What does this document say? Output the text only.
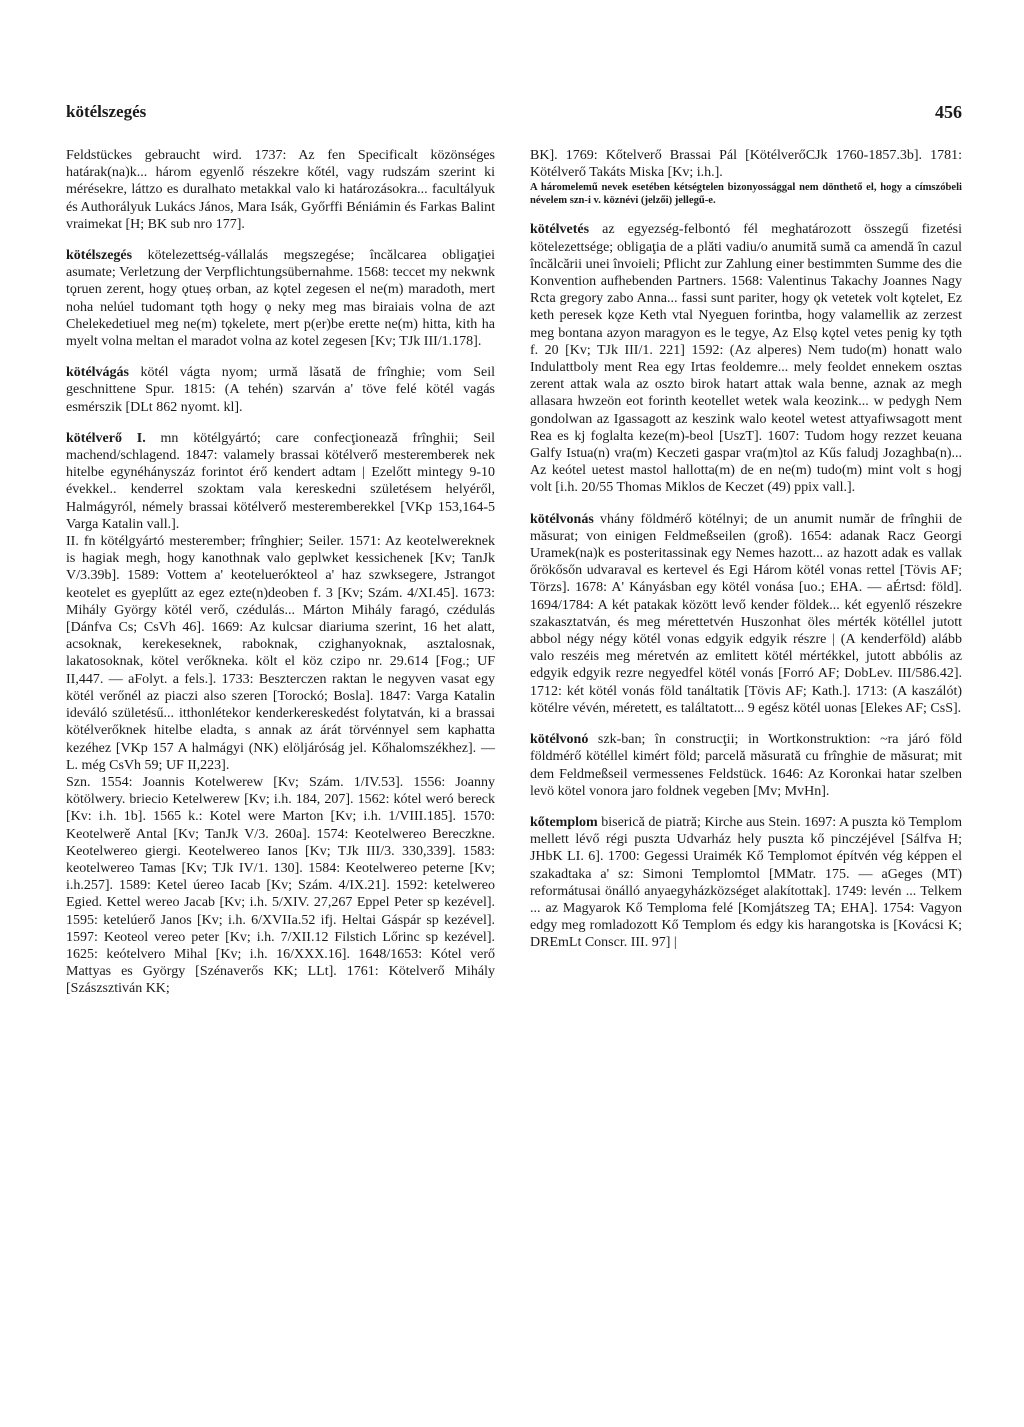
kötélszegés	456

Feldstückes gebraucht wird. 1737: Az fen Specificalt közönséges határak(na)k... három egyenlő részekre kőtél, vagy rudszám szerint ki mérésekre, láttzo es duralhato metakkal valo ki határozásokra... facultályuk és Authorályuk Lukács János, Mara Isák, Győrffi Béniámin és Farkas Balint vraimekat [H; BK sub nro 177].

kötélszegés kötelezettség-vállalás megszegése; încălcarea obligaţiei asumate; Verletzung der Verpflichtungsübernahme. 1568: teccet my nekwnk tǫruen zerent, hogy ǫtueș orban, az kǫtel zegesen el ne(m) maradoth, mert noha nelúel tudomant tǫth hogy ǫ neky meg mas biraiais volna de azt Chelekedetiuel meg ne(m) tǫkelete, mert p(er)be erette ne(m) hitta, kith ha myelt volna meltan el maradot volna az kotel zegesen [Kv; TJk III/1.178].

kötélvágás kötél vágta nyom; urmă lăsată de frînghie; vom Seil geschnittene Spur. 1815: (A tehén) szarván a' töve felé kötél vagás esmérszik [DLt 862 nyomt. kl].

kötélverő I. mn kötélgyártó; care confecţionează frînghii; Seil machend/schlagend. 1847: valamely brassai kötélverő mesteremberek nek hitelbe egynéhányszáz forintot érő kendert adtam | Ezelőtt mintegy 9-10 évekkel.. kenderrel szoktam vala kereskedni születésem helyéről, Halmágyról, némely brassai kötélverő mesteremberekkel [VKp 153,164-5 Varga Katalin vall.].

II. fn kötélgyártó mesterember; frînghier; Seiler. 1571: Az keotelwereknek is hagiak megh, hogy kanothnak valo geplwket kessichenek [Kv; TanJk V/3.39b]. 1589: Vottem a' keoteluerókteol a' haz szwksegere, Jstrangot keotelet es gyeplűtt az egez ezte(n)deoben f. 3 [Kv; Szám. 4/XI.45]. 1673: Mihály György kötél verő, czédulás... Márton Mihály faragó, czédulás [Dánfva Cs; CsVh 46]. 1669: Az kulcsar diariuma szerint, 16 het alatt, acsoknak, kerekeseknek, raboknak, czighanyoknak, asztalosnak, lakatosoknak, kötel verőkneka. költ el köz czipo nr. 29.614 [Fog.; UF II,447. — aFolyt. a fels.]. 1733: Beszterczen raktan le negyven vasat egy kötél verőnél az piaczi also szeren [Torockó; Bosla]. 1847: Varga Katalin ideváló születésű... itthonlétekor kenderkereskedést folytatván, ki a brassai kötélverőknek hitelbe eladta, s annak az árát törvénnyel sem kaphatta kezéhez [VKp 157 A halmágyi (NK) elöljáróság jel. Kőhalomszékhez]. — L. még CsVh 59; UF II,223].

Szn. 1554: Joannis Kotelwerew [Kv; Szám. 1/IV.53]. 1556: Joanny kötölwery. briecio Ketelwerew [Kv; i.h. 184, 207]. 1562: kótel weró bereck [Kv: i.h. 1b]. 1565 k.: Kotel were Marton [Kv; i.h. 1/VIII.185]. 1570: Keotelwerě Antal [Kv; TanJk V/3. 260a]. 1574: Keotelwereo Bereczkne. Keotelwereo giergi. Keotelwereo Ianos [Kv; TJk III/3. 330,339]. 1583: keotelwereo Tamas [Kv; TJk IV/1. 130]. 1584: Keotelwereo peterne [Kv; i.h.257]. 1589: Ketel úereo Iacab [Kv; Szám. 4/IX.21]. 1592: ketelwereo Egied. Kettel wereo Jacab [Kv; i.h. 5/XIV. 27,267 Eppel Peter sp kezével]. 1595: ketelúerő Janos [Kv; i.h. 6/XVIIa.52 ifj. Heltai Gáspár sp kezével]. 1597: Keoteol vereo peter [Kv; i.h. 7/XII.12 Filstich Lőrinc sp kezével]. 1625: keótelvero Mihal [Kv; i.h. 16/XXX.16]. 1648/1653: Kótel verő Mattyas es György [Szénaverős KK; LLt]. 1761: Kötelverő Mihály [Szászsztiván KK;

BK]. 1769: Kőtelverő Brassai Pál [KötélverőCJk 1760-1857.3b]. 1781: Kötélverő Takáts Miska [Kv; i.h.].

A háromelemű nevek esetében kétségtelen bizonyossággal nem dönthető el, hogy a címszóbeli névelem szn-i v. köznévi (jelzői) jellegű-e.

kötélvetés az egyezség-felbontó fél meghatározott összegű fizetési kötelezettsége; obligaţia de a plăti vadiu/o anumită sumă ca amendă în cazul încălcării unei învoieli; Pflicht zur Zahlung einer bestimmten Summe des die Konvention aufhebenden Partners. 1568: Valentinus Takachy Joannes Nagy Rcta gregory zabo Anna... fassi sunt pariter, hogy ǫk vetetek volt kǫtelet, Ez keth peresek kǫze Keth vtal Nyeguen forintba, hogy valamellik az zerzest meg bontana azyon maragyon es le tegye, Az Elsǫ kǫtel vetes penig ky tǫth f. 20 [Kv; TJk III/1. 221] 1592: (Az alperes) Nem tudo(m) honatt walo Indulattboly ment Rea egy Irtas feoldemre... mely feoldet ennekem osztas zerent attak wala az oszto birok hatart attak wala benne, aznak az megh allasara hwzeön eot forinth keotellet wetek wala keozink... w pedygh Nem gondolwan az Igassagott az keszink walo keotel wetest attyafiwsagott ment Rea es kj foglalta keze(m)-beol [UszT]. 1607: Tudom hogy rezzet keuana Galfy Istua(n) vra(m) Keczeti gaspar vra(m)tol az Kűs faludj Jozaghba(n)... Az keótel uetest mastol hallotta(m) de en ne(m) tudo(m) mint volt s hogj volt [i.h. 20/55 Thomas Miklos de Keczet (49) ppix vall.].

kötélvonás vhány földmérő kötélnyi; de un anumit număr de frînghii de măsurat; von einigen Feldmeßseilen (groß). 1654: adanak Racz Georgi Uramek(na)k es posteritassinak egy Nemes hazott... az hazott adak es vallak őrökősőn udvaraval es kertevel és Egi Három kötél vonas rettel [Tövis AF; Törzs]. 1678: A' Kányásban egy kötél vonása [uo.; EHA. — aÉrtsd: föld]. 1694/1784: A két patakak között levő kender földek... két egyenlő részekre szakasztatván, és meg mérettetvén Huszonhat öles mérték kötéllel jutott abbol négy négy kötél vonas edgyik edgyik részre | (A kenderföld) alább valo reszéis meg méretvén az emlitett kötél mértékkel, jutott abbólis az edgyik edgyik rezre negyedfel kötél vonás [Forró AF; DobLev. III/586.42]. 1712: két kötél vonás föld tanáltatik [Tövis AF; Kath.]. 1713: (A kaszálót) kötélre vévén, méretett, es találtatott... 9 egész kötél uonas [Elekes AF; CsS].

kötélvonó szk-ban; în construcţii; in Wortkonstruktion: ~ra járó föld földmérő kötéllel kimért föld; parcelă măsurată cu frînghie de măsurat; mit dem Feldmeßseil vermessenes Feldstück. 1646: Az Koronkai hatar szelben levö kötel vonora jaro foldnek vegeben [Mv; MvHn].

kőtemplom biserică de piatră; Kirche aus Stein. 1697: A puszta kö Templom mellett lévő régi puszta Udvarház hely puszta kő pinczéjével [Sálfva H; JHbK LI. 6]. 1700: Gegessi Uraimék Kő Templomot építvén vég képpen el szakadtaka a' sz: Simoni Templomtol [MMatr. 175. — aGeges (MT) reformátusai önálló anyaegyházközséget alakítottak]. 1749: levén ... Telkem ... az Magyarok Kő Temploma felé [Komjátszeg TA; EHA]. 1754: Vagyon edgy meg romladozott Kő Templom és edgy kis harangotska is [Kovácsi K; DREmLt Conscr. III. 97] |
